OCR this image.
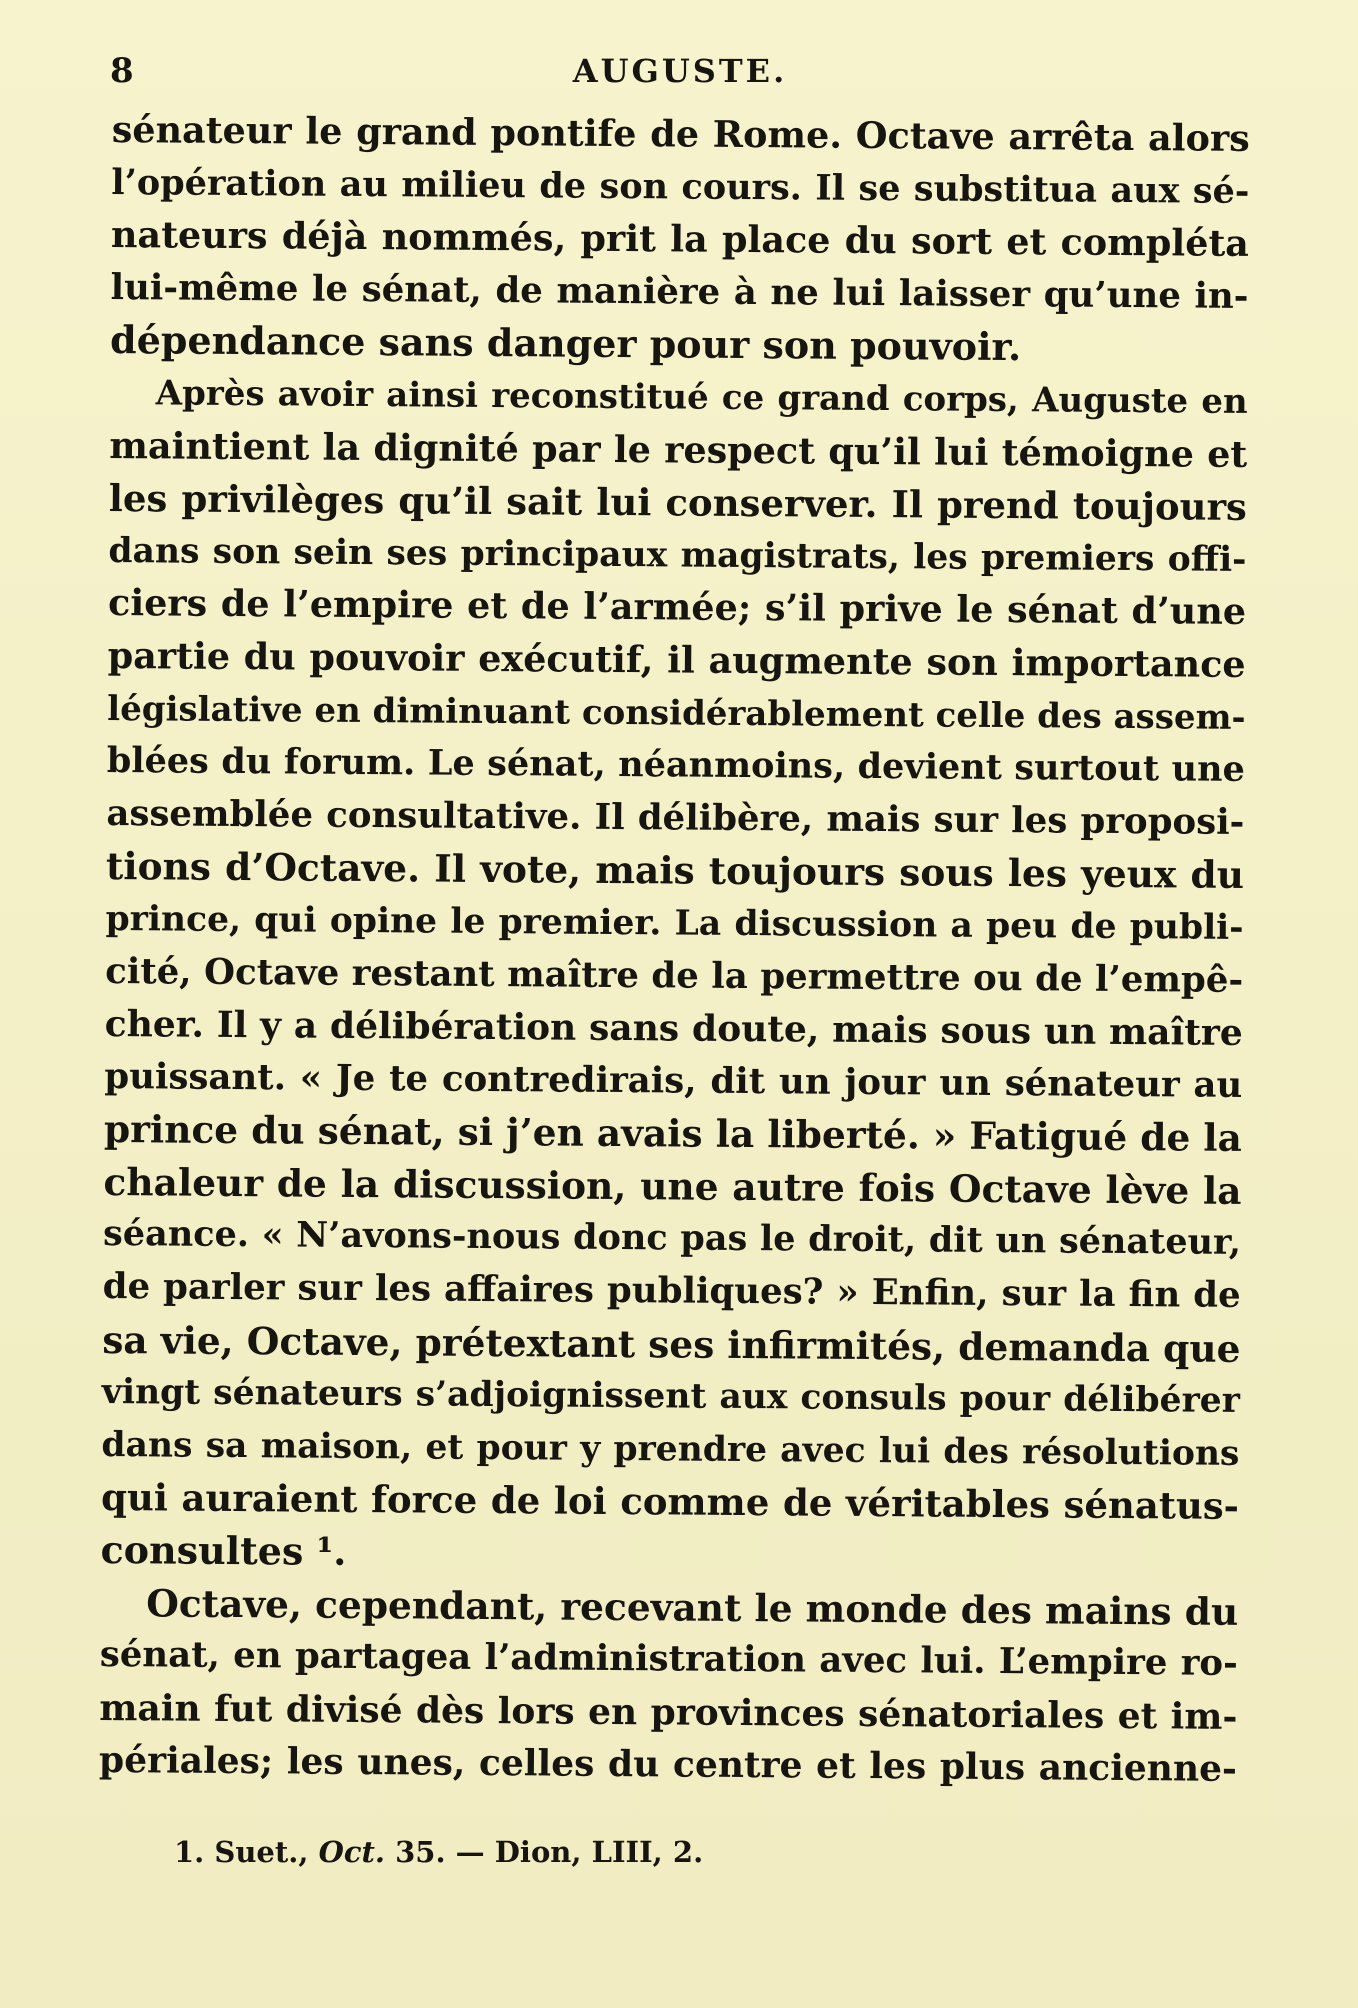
8	AUGUSTE.
sénateur le grand pontife de Rome. Octave arrêta alors
l’opération au milieu de son cours. Il se substitua aux sé-
nateurs déjà nommés, prit la place du sort et compléta
lui-même le sénat, de manière à ne lui laisser qu’une in-
dépendance sans danger pour son pouvoir.
Après avoir ainsi reconstitué ce grand corps, Auguste en
maintient la dignité par le respect qu’il lui témoigne et
les privilèges qu’il sait lui conserver. Il prend toujours
dans son sein ses principaux magistrats, les premiers offi-
ciers de l’empire et de l’armée; s’il prive le sénat d’une
partie du pouvoir exécutif, il augmente son importance
législative en diminuant considérablement celle des assem-
blées du forum. Le sénat, néanmoins, devient surtout une
assemblée consultative. Il délibère, mais sur les proposi-
tions d’Octave. Il vote, mais toujours sous les yeux du
prince, qui opine le premier. La discussion a peu de publi-
cité, Octave restant maître de la permettre ou de l’empê-
cher. Il y a délibération sans doute, mais sous un maître
puissant. « Je te contredirais, dit un jour un sénateur au
prince du sénat, si j’en avais la liberté. » Fatigué de la
chaleur de la discussion, une autre fois Octave lève la
séance. « N’avons-nous donc pas le droit, dit un sénateur,
de parler sur les affaires publiques? » Enfin, sur la fin de
sa vie, Octave, prétextant ses infirmités, demanda que
vingt sénateurs s’adjoignissent aux consuls pour délibérer
dans sa maison, et pour y prendre avec lui des résolutions
qui auraient force de loi comme de véritables sénatus-
consultes ¹.
Octave, cependant, recevant le monde des mains du
sénat, en partagea l’administration avec lui. L’empire ro-
main fut divisé dès lors en provinces sénatoriales et im-
périales; les unes, celles du centre et les plus ancienne-
1. Suet., Oct. 35. — Dion, LIII, 2.
